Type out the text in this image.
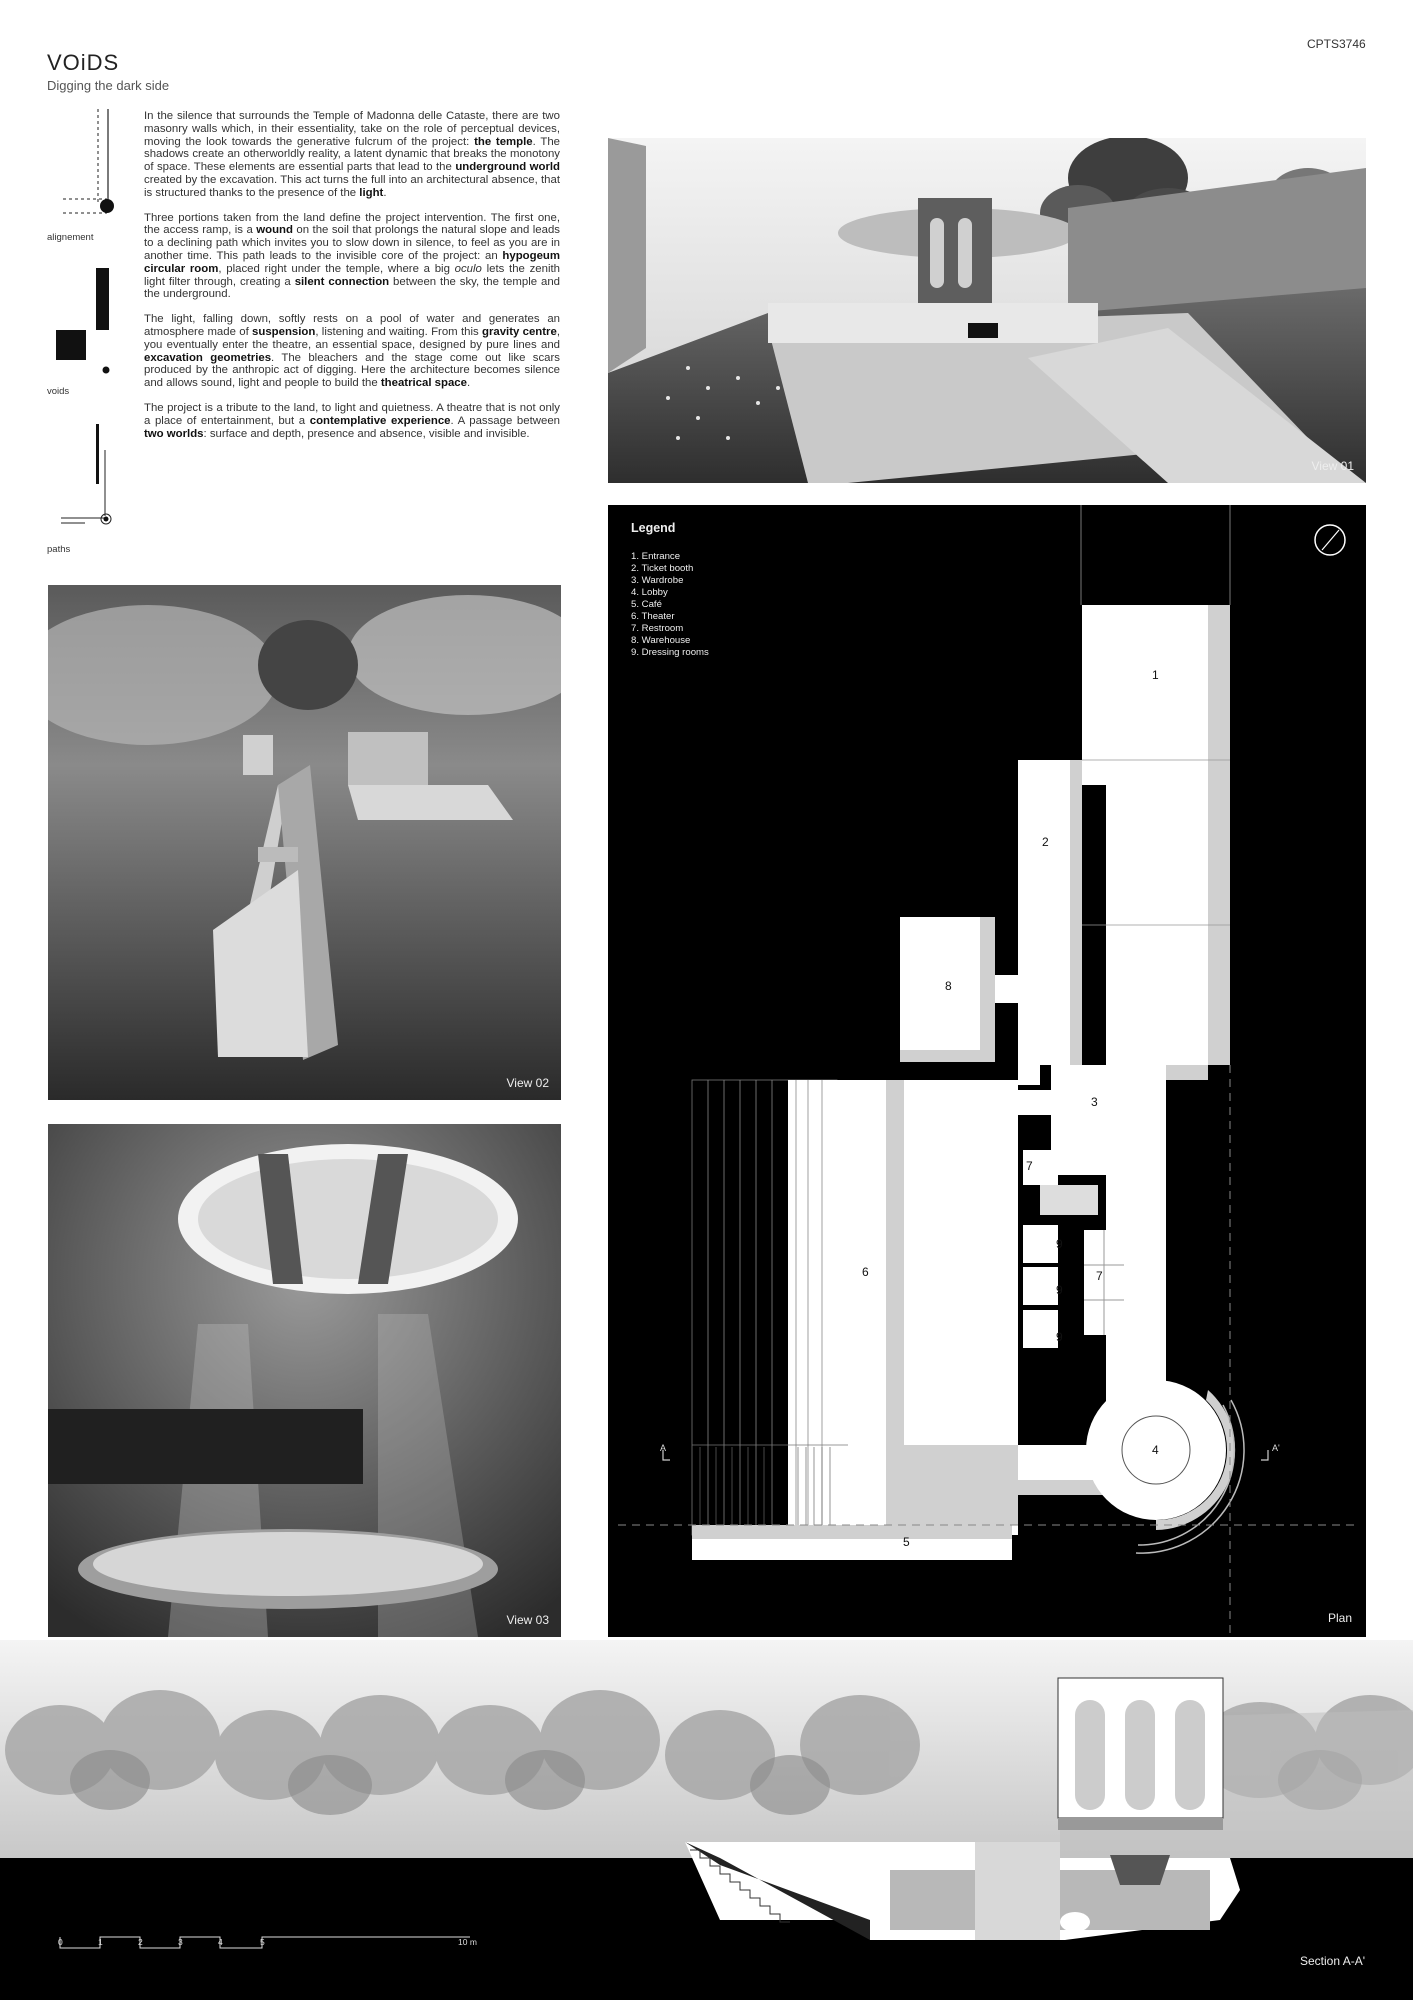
VOiDS
Digging the dark side
CPTS3746
alignement
voids
paths

In the silence that surrounds the Temple of Madonna delle Cataste, there are two masonry walls which, in their essentiality, take on the role of perceptual devices, moving the look towards the generative fulcrum of the project: the temple. The shadows create an otherworldly reality, a latent dynamic that breaks the monotony of space. These elements are essential parts that lead to the underground world created by the excavation. This act turns the full into an architectural absence, that is structured thanks to the presence of the light.

Three portions taken from the land define the project intervention. The first one, the access ramp, is a wound on the soil that prolongs the natural slope and leads to a declining path which invites you to slow down in silence, to feel as you are in another time. This path leads to the invisible core of the project: an hypogeum circular room, placed right under the temple, where a big oculo lets the zenith light filter through, creating a silent connection between the sky, the temple and the underground.

The light, falling down, softly rests on a pool of water and generates an atmosphere made of suspension, listening and waiting. From this gravity centre, you eventually enter the theatre, an essential space, designed by pure lines and excavation geometries. The bleachers and the stage come out like scars produced by the anthropic act of digging. Here the architecture becomes silence and allows sound, light and people to build the theatrical space.

The project is a tribute to the land, to light and quietness. A theatre that is not only a place of entertainment, but a contemplative experience. A passage between two worlds: surface and depth, presence and absence, visible and invisible.

View 01
View 02
View 03
Legend
1. Entrance
2. Ticket booth
3. Wardrobe
4. Lobby
5. Café
6. Theater
7. Restroom
8. Warehouse
9. Dressing rooms
1
2
3
4
5
6
7
7
8
9
9
9
A	A'
Plan
Section A-A'
0	1	2	3	4	5	10 m
